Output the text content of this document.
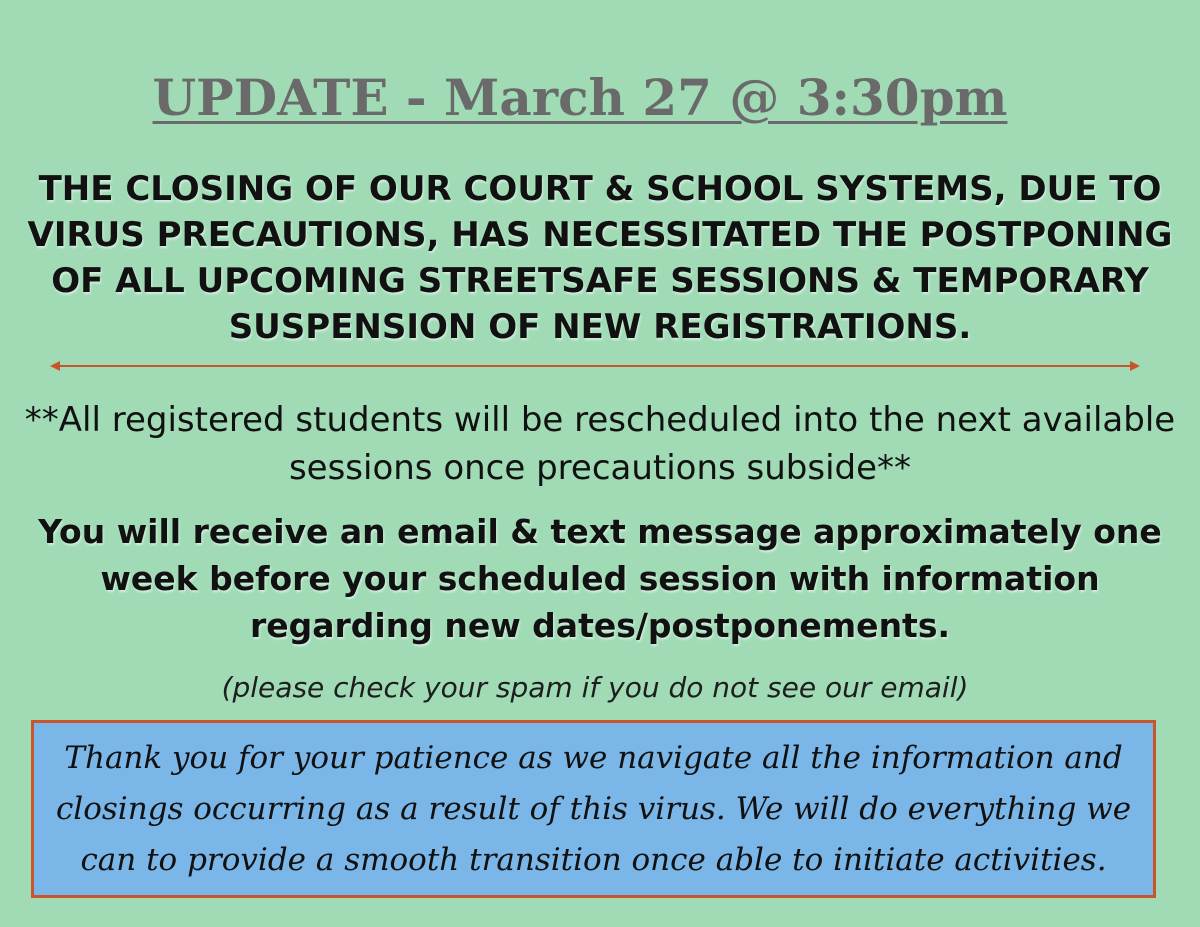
UPDATE - March 27 @ 3:30pm

THE CLOSING OF OUR COURT & SCHOOL SYSTEMS, DUE TO VIRUS PRECAUTIONS, HAS NECESSITATED THE POSTPONING OF ALL UPCOMING STREETSAFE SESSIONS & TEMPORARY SUSPENSION OF NEW REGISTRATIONS.

**All registered students will be rescheduled into the next available sessions once precautions subside**

You will receive an email & text message approximately one week before your scheduled session with information regarding new dates/postponements.

(please check your spam if you do not see our email)

Thank you for your patience as we navigate all the information and closings occurring as a result of this virus. We will do everything we can to provide a smooth transition once able to initiate activities.
